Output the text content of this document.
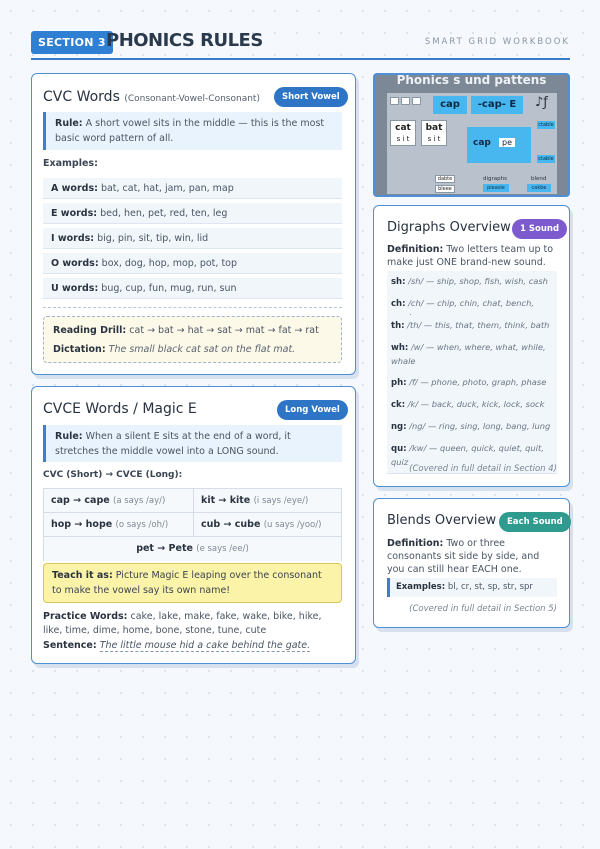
SECTION 3 PHONICS RULES	SMART GRID WORKBOOK
CVC Words (Consonant-Vowel-Consonant)	Short Vowel
Rule: A short vowel sits in the middle — this is the most basic word pattern of all.
Examples:
A words: bat, cat, hat, jam, pan, map
E words: bed, hen, pet, red, ten, leg
I words: big, pin, sit, tip, win, lid
O words: box, dog, hop, mop, pot, top
U words: bug, cup, fun, mug, run, sun
Reading Drill: cat → bat → hat → sat → mat → fat → rat
Dictation: The small black cat sat on the flat mat.
CVCE Words / Magic E	Long Vowel
Rule: When a silent E sits at the end of a word, it stretches the middle vowel into a LONG sound.
CVC (Short) → CVCE (Long):
cap → cape (a says /ay/)	kit → kite (i says /eye/)
hop → hope (o says /oh/)	cub → cube (u says /yoo/)
pet → Pete (e says /ee/)
Teach it as: Picture Magic E leaping over the consonant to make the vowel say its own name!
Practice Words: cake, lake, make, fake, wake, bike, hike, like, time, dime, home, bone, stone, tune, cute
Sentence: The little mouse hid a cake behind the gate.
Phonics s und pattens
cap	-cap- E	♪ƒ
cat
s i t
bat
s i t	cap	pe
ctable
ctable
pieasle	cakbe
dabte
bleee
digraphs	blend
Digraphs Overview	1 Sound
Definition: Two letters team up to make just ONE brand-new sound.
sh: /sh/ — ship, shop, fish, wish, cash
ch: /ch/ — chip, chin, chat, bench,
th: /th/ — this, that, them, think, bath
wh: /w/ — when, where, what, while, whale
ph: /f/ — phone, photo, graph, phase
ck: /k/ — back, duck, kick, lock, sock
ng: /ng/ — ring, sing, long, bang, lung
qu: /kw/ — queen, quick, quiet, quit, quiz
(Covered in full detail in Section 4)
Blends Overview	Each Sound
Definition: Two or three consonants sit side by side, and you can still hear EACH one.
Examples: bl, cr, st, sp, str, spr
(Covered in full detail in Section 5)
